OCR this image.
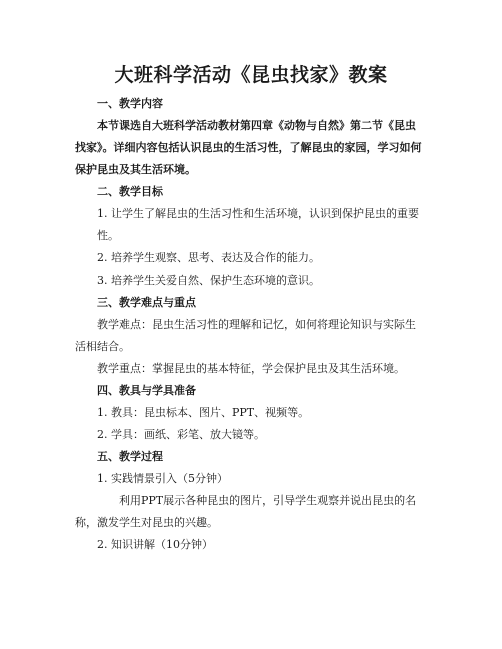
大班科学活动《昆虫找家》教案
一、教学内容
本节课选自大班科学活动教材第四章《动物与自然》第二节《昆虫找家》。详细内容包括认识昆虫的生活习性，了解昆虫的家园，学习如何保护昆虫及其生活环境。
二、教学目标
1. 让学生了解昆虫的生活习性和生活环境，认识到保护昆虫的重要性。
2. 培养学生观察、思考、表达及合作的能力。
3. 培养学生关爱自然、保护生态环境的意识。
三、教学难点与重点
教学难点：昆虫生活习性的理解和记忆，如何将理论知识与实际生活相结合。
教学重点：掌握昆虫的基本特征，学会保护昆虫及其生活环境。
四、教具与学具准备
1. 教具：昆虫标本、图片、PPT、视频等。
2. 学具：画纸、彩笔、放大镜等。
五、教学过程
1. 实践情景引入（5分钟）
利用PPT展示各种昆虫的图片，引导学生观察并说出昆虫的名称，激发学生对昆虫的兴趣。
2. 知识讲解（10分钟）
